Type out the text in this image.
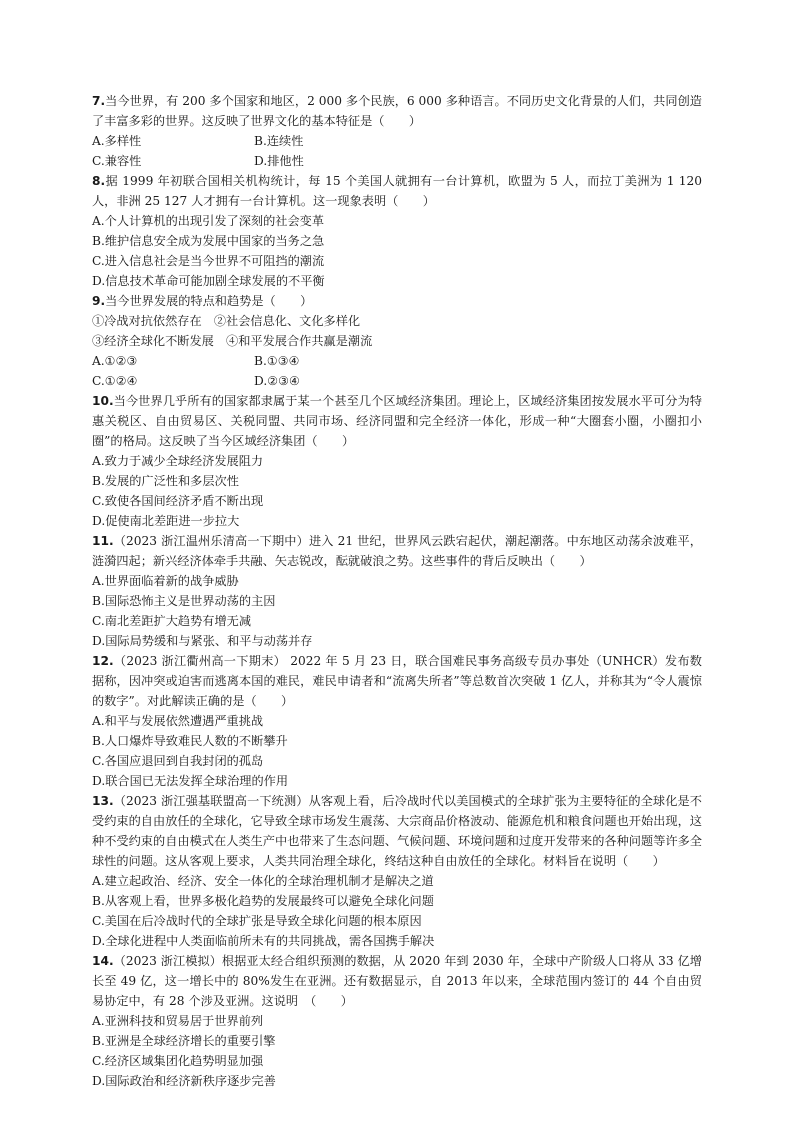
7.当今世界，有 200 多个国家和地区，2 000 多个民族，6 000 多种语言。不同历史文化背景的人们，共同创造了丰富多彩的世界。这反映了世界文化的基本特征是（　　）

A.多样性	B.连续性
C.兼容性	D.排他性

8.据 1999 年初联合国相关机构统计，每 15 个美国人就拥有一台计算机，欧盟为 5 人，而拉丁美洲为 1 120 人，非洲 25 127 人才拥有一台计算机。这一现象表明（　　）

A.个人计算机的出现引发了深刻的社会变革

B.维护信息安全成为发展中国家的当务之急

C.进入信息社会是当今世界不可阻挡的潮流

D.信息技术革命可能加剧全球发展的不平衡

9.当今世界发展的特点和趋势是（　　）

①冷战对抗依然存在　②社会信息化、文化多样化

③经济全球化不断发展　④和平发展合作共赢是潮流

A.①②③	B.①③④
C.①②④	D.②③④

10.当今世界几乎所有的国家都隶属于某一个甚至几个区域经济集团。理论上，区域经济集团按发展水平可分为特惠关税区、自由贸易区、关税同盟、共同市场、经济同盟和完全经济一体化，形成一种“大圈套小圈，小圈扣小圈”的格局。这反映了当今区域经济集团（　　）

A.致力于减少全球经济发展阻力

B.发展的广泛性和多层次性

C.致使各国间经济矛盾不断出现

D.促使南北差距进一步拉大

11.（2023 浙江温州乐清高一下期中）进入 21 世纪，世界风云跌宕起伏，潮起潮落。中东地区动荡余波难平，涟漪四起；新兴经济体牵手共融、矢志锐改，酝就破浪之势。这些事件的背后反映出（　　）

A.世界面临着新的战争威胁

B.国际恐怖主义是世界动荡的主因

C.南北差距扩大趋势有增无减

D.国际局势缓和与紧张、和平与动荡并存

12.（2023 浙江衢州高一下期末） 2022 年 5 月 23 日，联合国难民事务高级专员办事处（UNHCR）发布数据称，因冲突或迫害而逃离本国的难民，难民申请者和“流离失所者”等总数首次突破 1 亿人，并称其为“令人震惊的数字”。对此解读正确的是（　　）

A.和平与发展依然遭遇严重挑战

B.人口爆炸导致难民人数的不断攀升

C.各国应退回到自我封闭的孤岛

D.联合国已无法发挥全球治理的作用

13.（2023 浙江强基联盟高一下统测）从客观上看，后冷战时代以美国模式的全球扩张为主要特征的全球化是不受约束的自由放任的全球化，它导致全球市场发生震荡、大宗商品价格波动、能源危机和粮食问题也开始出现，这种不受约束的自由模式在人类生产中也带来了生态问题、气候问题、环境问题和过度开发带来的各种问题等许多全球性的问题。这从客观上要求，人类共同治理全球化，终结这种自由放任的全球化。材料旨在说明（　　）

A.建立起政治、经济、安全一体化的全球治理机制才是解决之道

B.从客观上看，世界多极化趋势的发展最终可以避免全球化问题

C.美国在后冷战时代的全球扩张是导致全球化问题的根本原因

D.全球化进程中人类面临前所未有的共同挑战，需各国携手解决

14.（2023 浙江模拟）根据亚太经合组织预测的数据，从 2020 年到 2030 年，全球中产阶级人口将从 33 亿增长至 49 亿，这一增长中的 80%发生在亚洲。还有数据显示，自 2013 年以来，全球范围内签订的 44 个自由贸易协定中，有 28 个涉及亚洲。这说明　（　　）

A.亚洲科技和贸易居于世界前列

B.亚洲是全球经济增长的重要引擎

C.经济区域集团化趋势明显加强

D.国际政治和经济新秩序逐步完善
